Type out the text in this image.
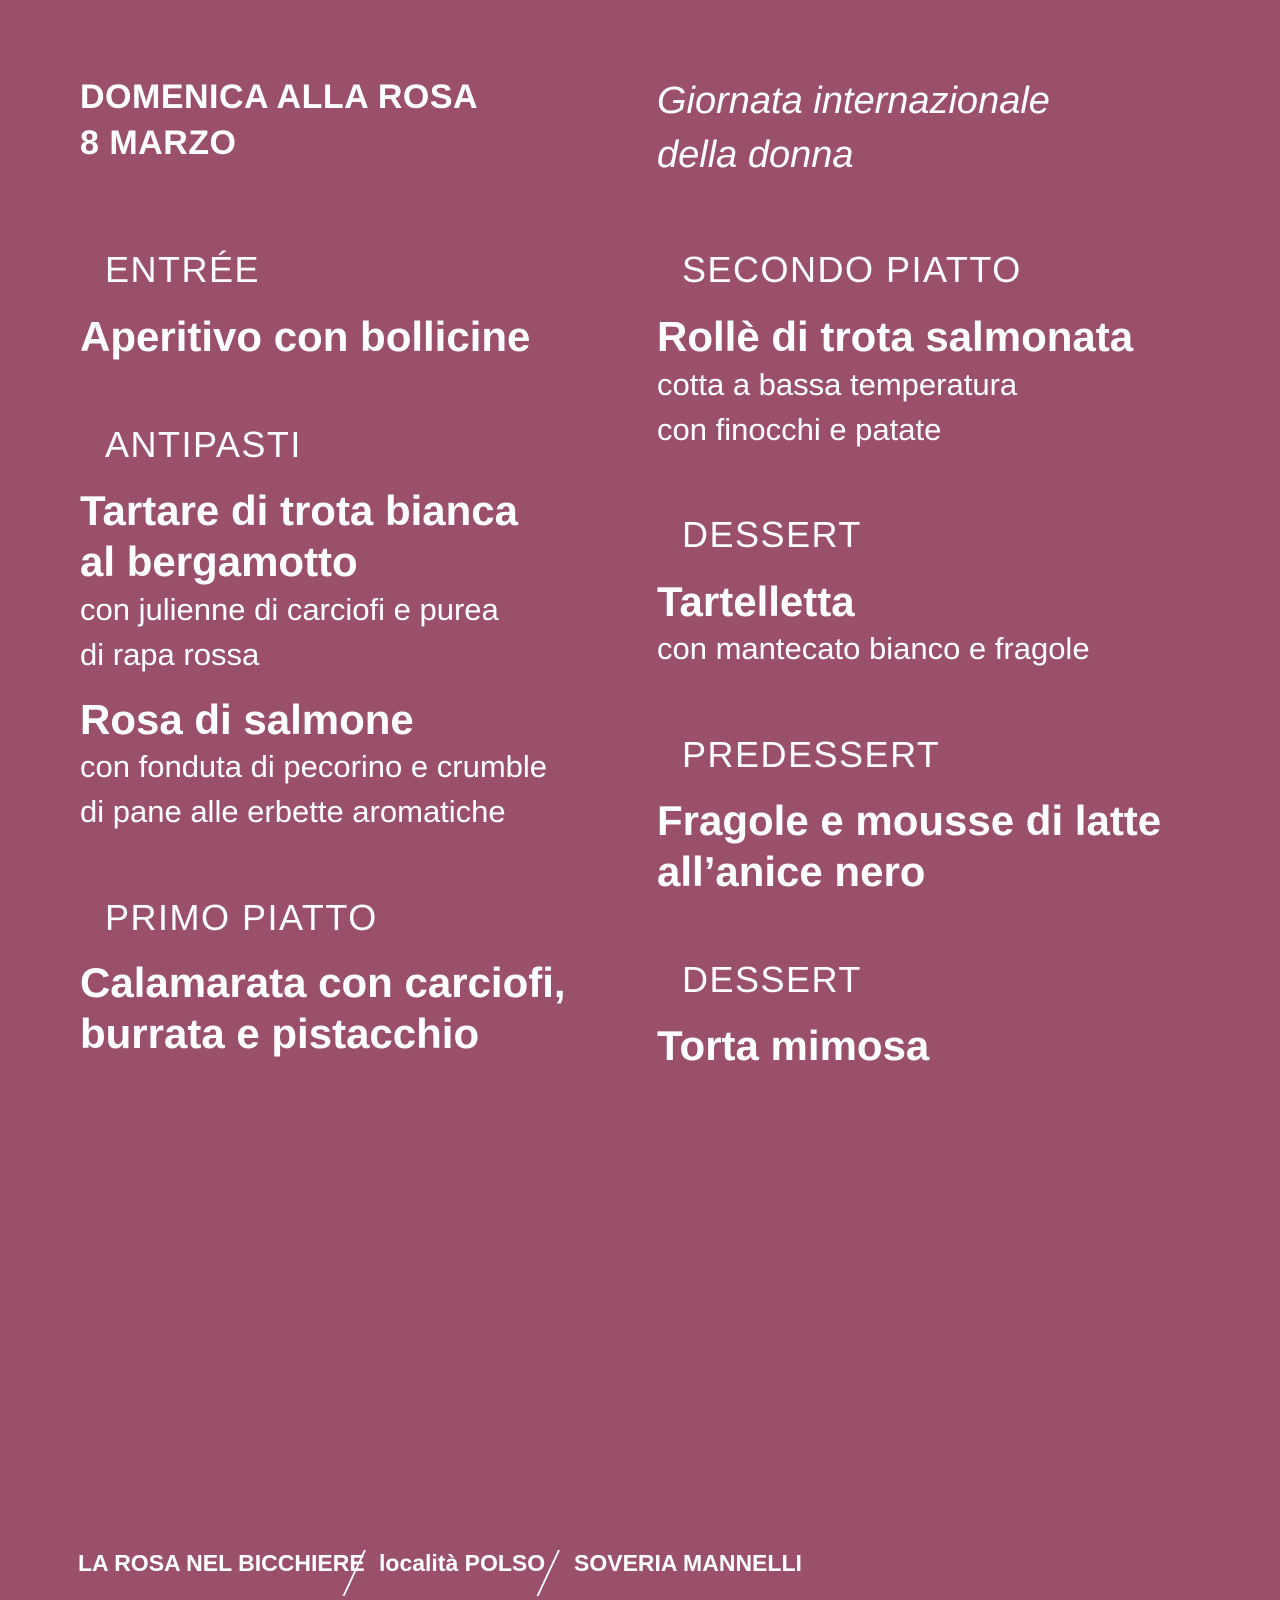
DOMENICA ALLA ROSA
8 MARZO
Giornata internazionale
della donna
ENTRÉE
Aperitivo con bollicine
ANTIPASTI
Tartare di trota bianca
al bergamotto
con julienne di carciofi e purea
di rapa rossa
Rosa di salmone
con fonduta di pecorino e crumble
di pane alle erbette aromatiche
PRIMO PIATTO
Calamarata con carciofi,
burrata e pistacchio
SECONDO PIATTO
Rollè di trota salmonata
cotta a bassa temperatura
con finocchi e patate
DESSERT
Tartelletta
con mantecato bianco e fragole
PREDESSERT
Fragole e mousse di latte
all’anice nero
DESSERT
Torta mimosa
LA ROSA NEL BICCHIERE località POLSO SOVERIA MANNELLI
